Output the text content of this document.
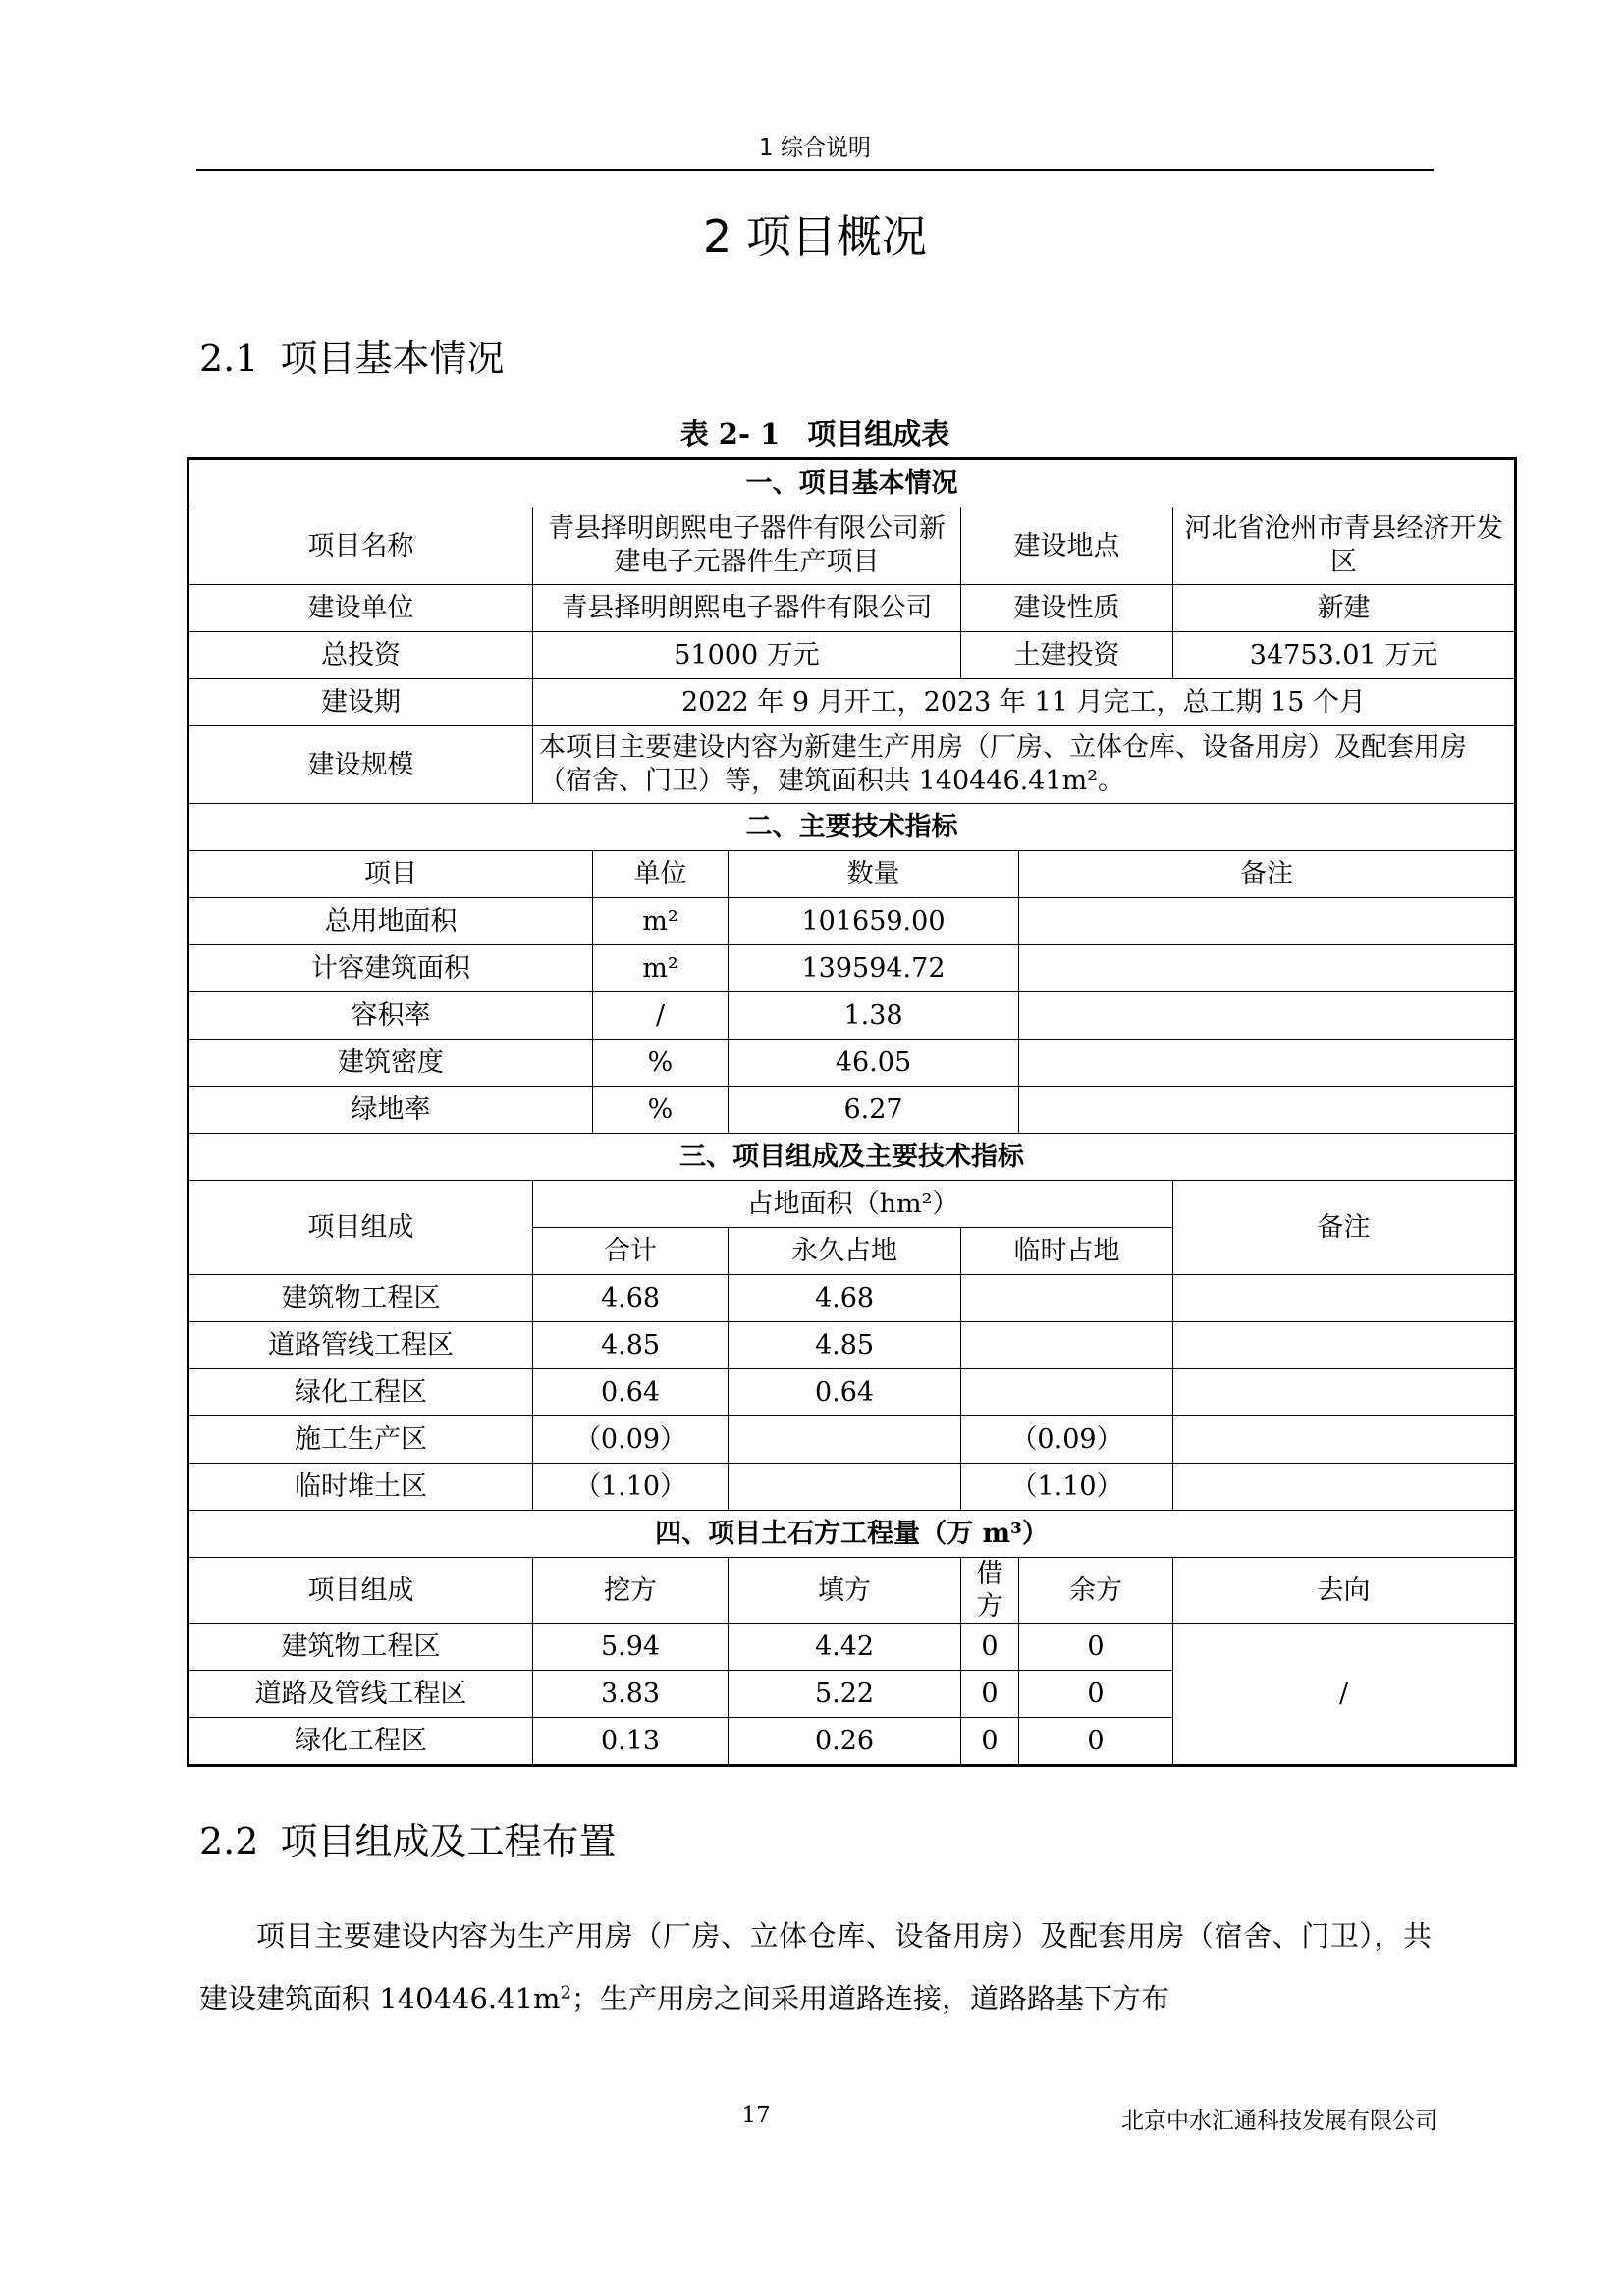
1 综合说明
2 项目概况
2.1 项目基本情况
表 2- 1 项目组成表
一、项目基本情况						
项目名称	青县择明朗熙电子器件有限公司新建电子元器件生产项目			建设地点		河北省沧州市青县经济开发区
建设单位	青县择明朗熙电子器件有限公司			建设性质		新建
总投资	51000 万元			土建投资		34753.01 万元
建设期	2022 年 9 月开工，2023 年 11 月完工，总工期 15 个月					
建设规模	本项目主要建设内容为新建生产用房（厂房、立体仓库、设备用房）及配套用房（宿舍、门卫）等，建筑面积共 140446.41m²。					
二、主要技术指标						
项目		单位	数量		备注	
总用地面积		m²	101659.00			
计容建筑面积		m²	139594.72			
容积率		/	1.38			
建筑密度		%	46.05			
绿地率		%	6.27			
三、项目组成及主要技术指标						
项目组成	占地面积（hm²）					备注
	合计		永久占地	临时占地		
建筑物工程区	4.68		4.68			
道路管线工程区	4.85		4.85			
绿化工程区	0.64		0.64			
施工生产区	（0.09）			（0.09）		
临时堆土区	（1.10）			（1.10）		
四、项目土石方工程量（万 m³）						
项目组成	挖方		填方	借方	余方	去向
建筑物工程区	5.94		4.42	0	0	/
道路及管线工程区	3.83		5.22	0	0	
绿化工程区	0.13		0.26	0	0	
2.2 项目组成及工程布置
项目主要建设内容为生产用房（厂房、立体仓库、设备用房）及配套用房（宿舍、门卫），共建设建筑面积 $140446.41m^2$；生产用房之间采用道路连接，道路路基下方布
17	北京中水汇通科技发展有限公司
